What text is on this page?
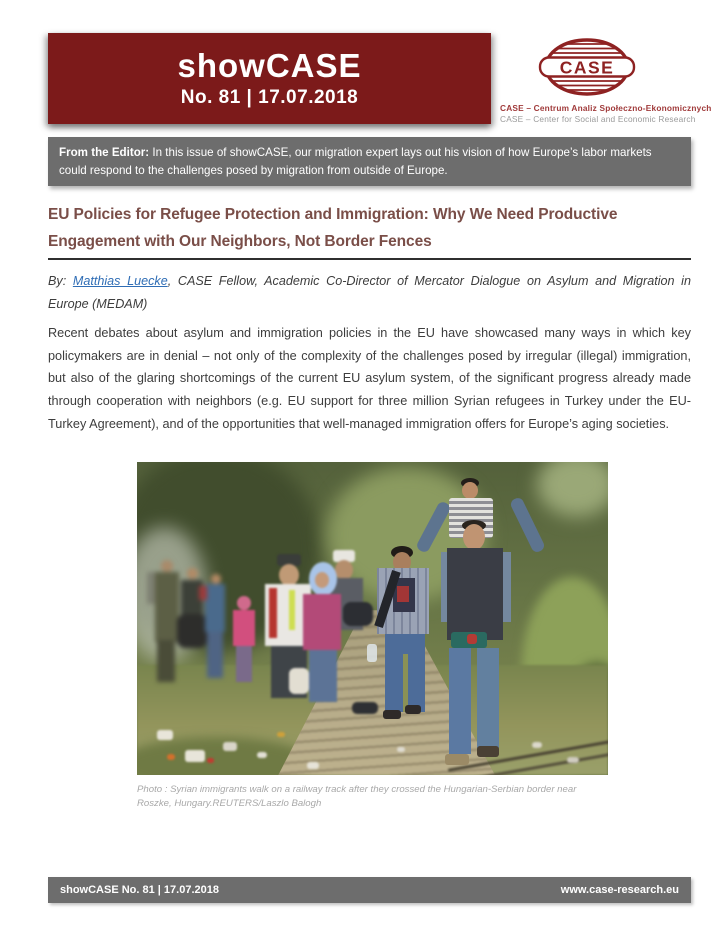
showCASE
No. 81 | 17.07.2018
CASE
CASE – Centrum Analiz Społeczno-Ekonomicznych
CASE – Center for Social and Economic Research
From the Editor: In this issue of showCASE, our migration expert lays out his vision of how Europe’s labor markets could respond to the challenges posed by migration from outside of Europe.
EU Policies for Refugee Protection and Immigration: Why We Need Productive Engagement with Our Neighbors, Not Border Fences
By: Matthias Luecke, CASE Fellow, Academic Co-Director of Mercator Dialogue on Asylum and Migration in Europe (MEDAM)
Recent debates about asylum and immigration policies in the EU have showcased many ways in which key policymakers are in denial – not only of the complexity of the challenges posed by irregular (illegal) immigration, but also of the glaring shortcomings of the current EU asylum system, of the significant progress already made through cooperation with neighbors (e.g. EU support for three million Syrian refugees in Turkey under the EU-Turkey Agreement), and of the opportunities that well-managed immigration offers for Europe’s aging societies.
Photo : Syrian immigrants walk on a railway track after they crossed the Hungarian-Serbian border near Roszke, Hungary.REUTERS/Laszlo Balogh
showCASE No. 81 | 17.07.2018	www.case-research.eu
